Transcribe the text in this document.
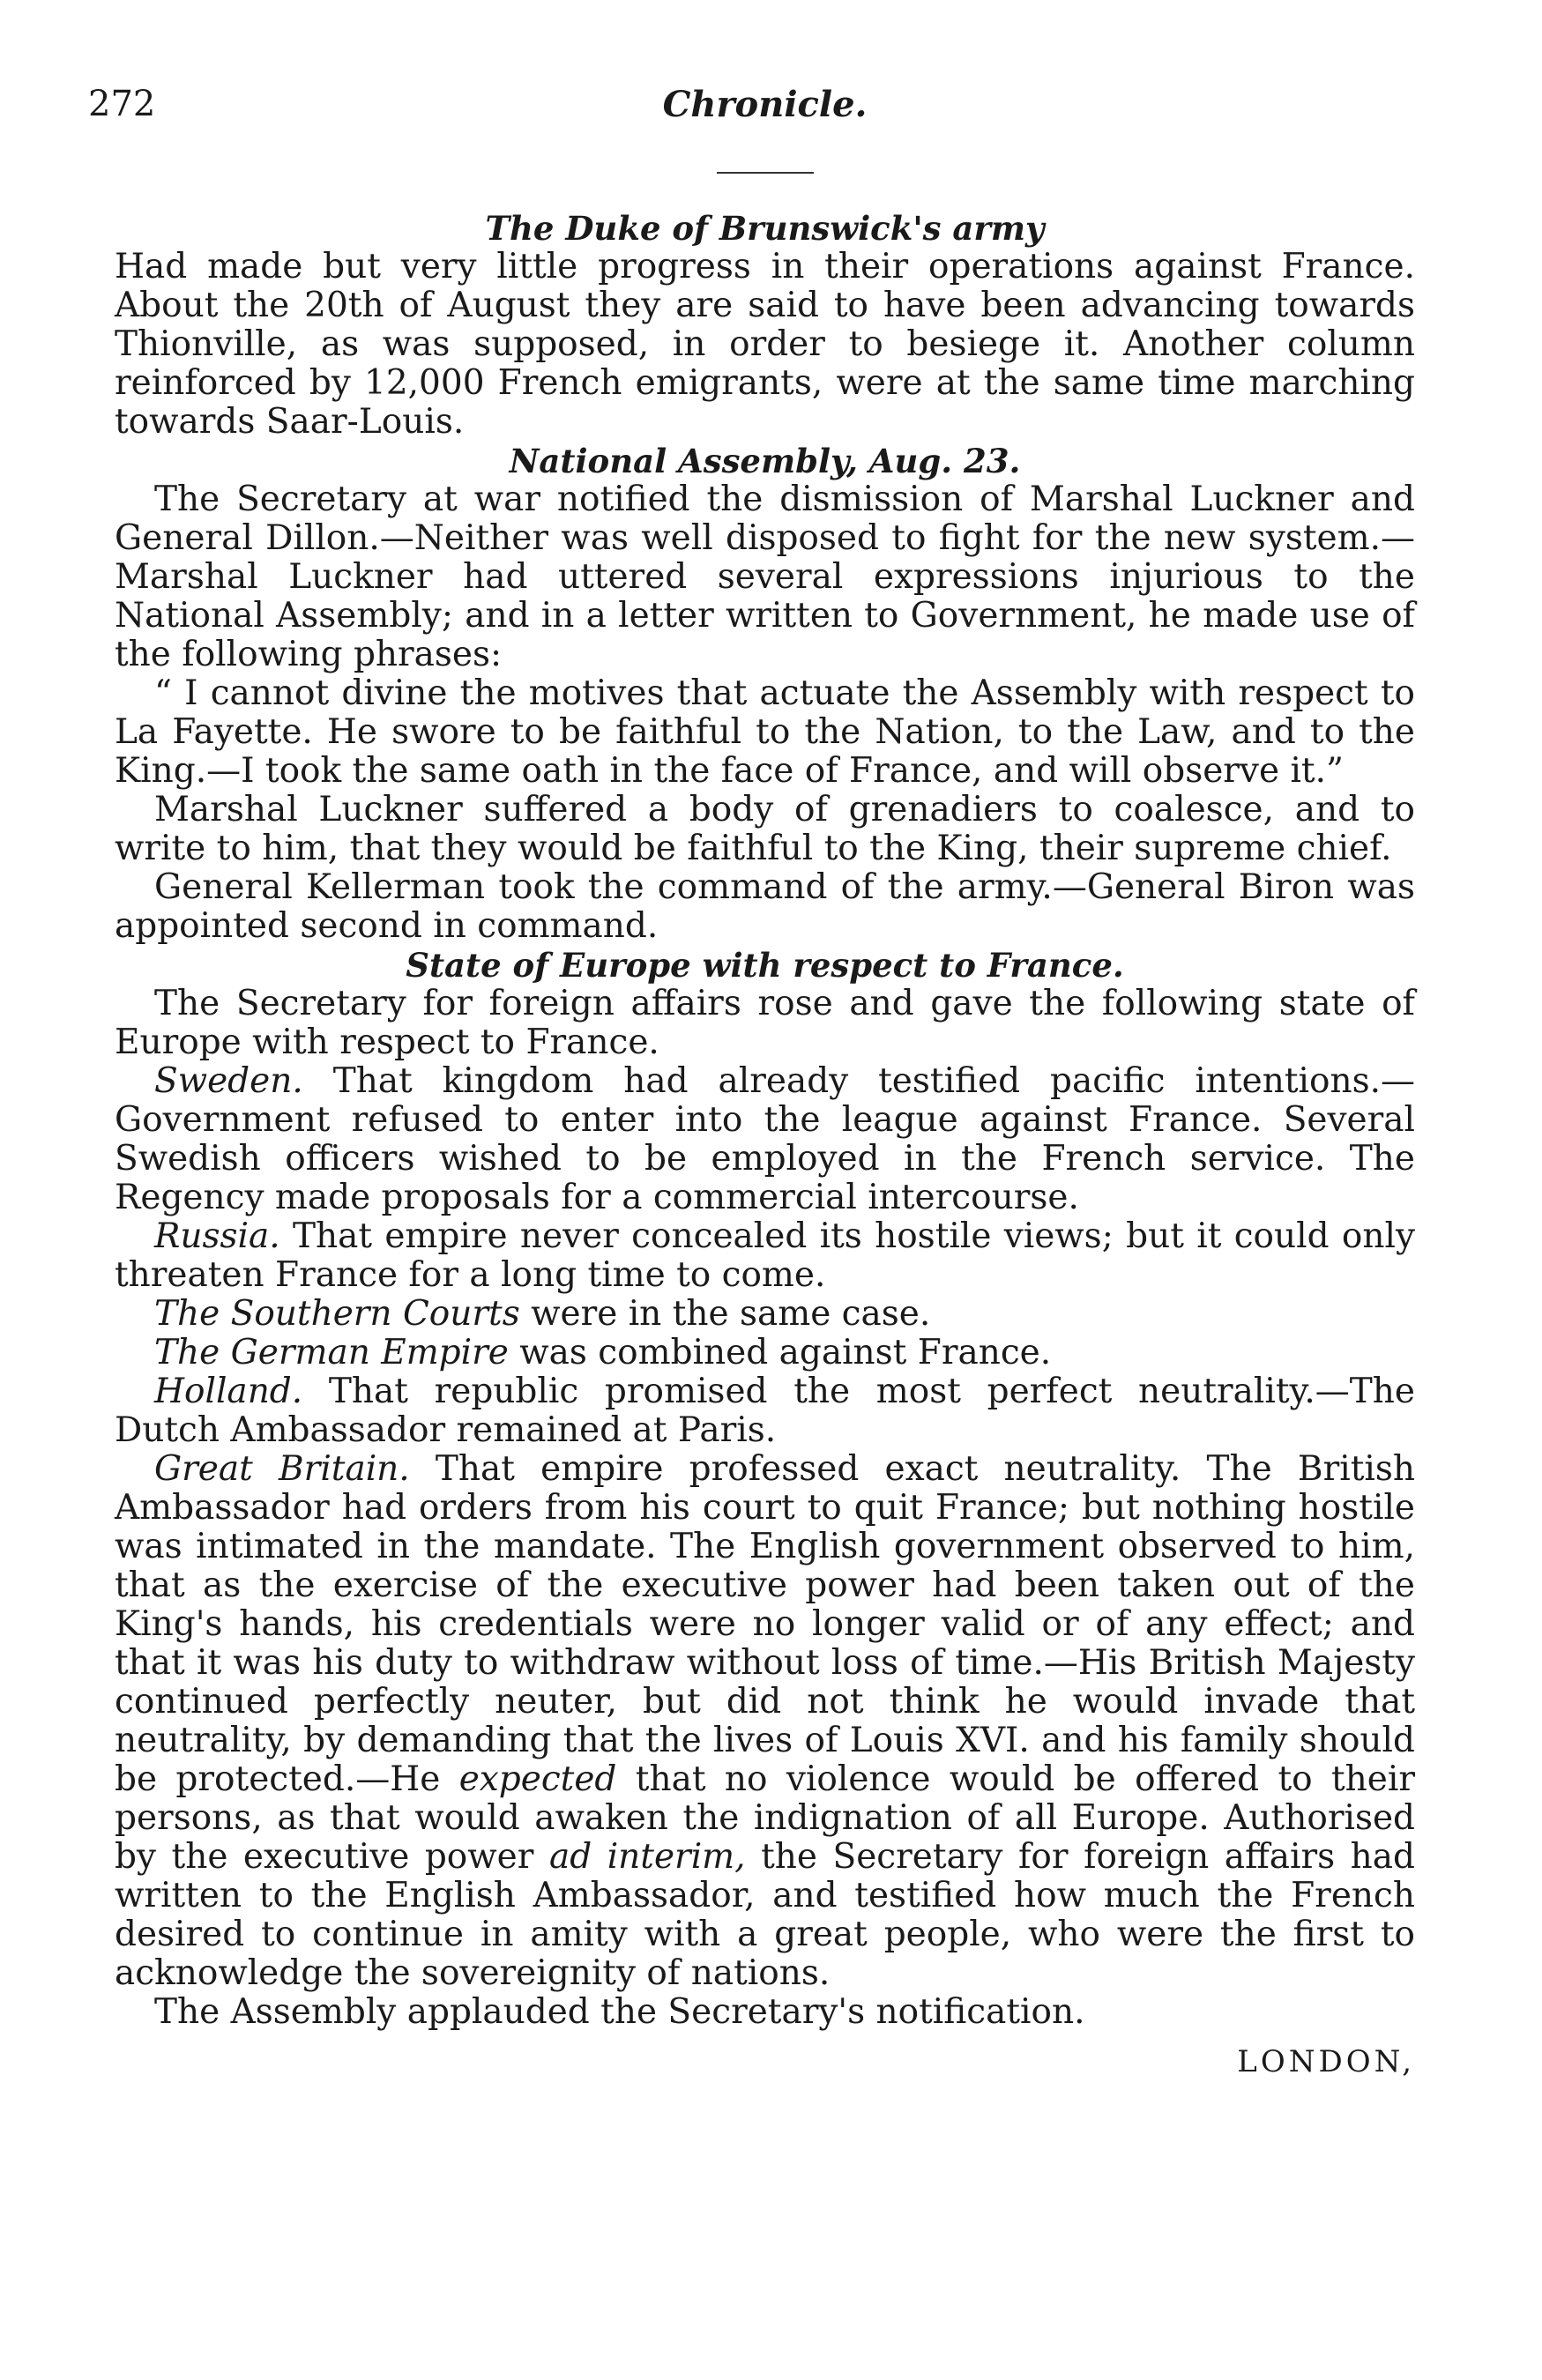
272	Chronicle.
The Duke of Brunswick's army

Had made but very little progress in their operations against France. About the 20th of August they are said to have been advancing towards Thionville, as was supposed, in order to besiege it. Another column reinforced by 12,000 French emigrants, were at the same time marching towards Saar-Louis.

National Assembly, Aug. 23.

The Secretary at war notified the dismission of Marshal Luckner and General Dillon.—Neither was well disposed to fight for the new system.—Marshal Luckner had uttered several expressions injurious to the National Assembly; and in a letter written to Government, he made use of the following phrases:

“ I cannot divine the motives that actuate the Assembly with respect to La Fayette. He swore to be faithful to the Nation, to the Law, and to the King.—I took the same oath in the face of France, and will observe it.”

Marshal Luckner suffered a body of grenadiers to coalesce, and to write to him, that they would be faithful to the King, their supreme chief.

General Kellerman took the command of the army.—General Biron was appointed second in command.

State of Europe with respect to France.

The Secretary for foreign affairs rose and gave the following state of Europe with respect to France.

Sweden. That kingdom had already testified pacific intentions.—Government refused to enter into the league against France. Several Swedish officers wished to be employed in the French service. The Regency made proposals for a commercial intercourse.

Russia. That empire never concealed its hostile views; but it could only threaten France for a long time to come.

The Southern Courts were in the same case.

The German Empire was combined against France.

Holland. That republic promised the most perfect neutrality.—The Dutch Ambassador remained at Paris.

Great Britain. That empire professed exact neutrality. The British Ambassador had orders from his court to quit France; but nothing hostile was intimated in the mandate. The English government observed to him, that as the exercise of the executive power had been taken out of the King's hands, his credentials were no longer valid or of any effect; and that it was his duty to withdraw without loss of time.—His British Majesty continued perfectly neuter, but did not think he would invade that neutrality, by demanding that the lives of Louis XVI. and his family should be protected.—He expected that no violence would be offered to their persons, as that would awaken the indignation of all Europe. Authorised by the executive power ad interim, the Secretary for foreign affairs had written to the English Ambassador, and testified how much the French desired to continue in amity with a great people, who were the first to acknowledge the sovereignity of nations.

The Assembly applauded the Secretary's notification.

LONDON,
